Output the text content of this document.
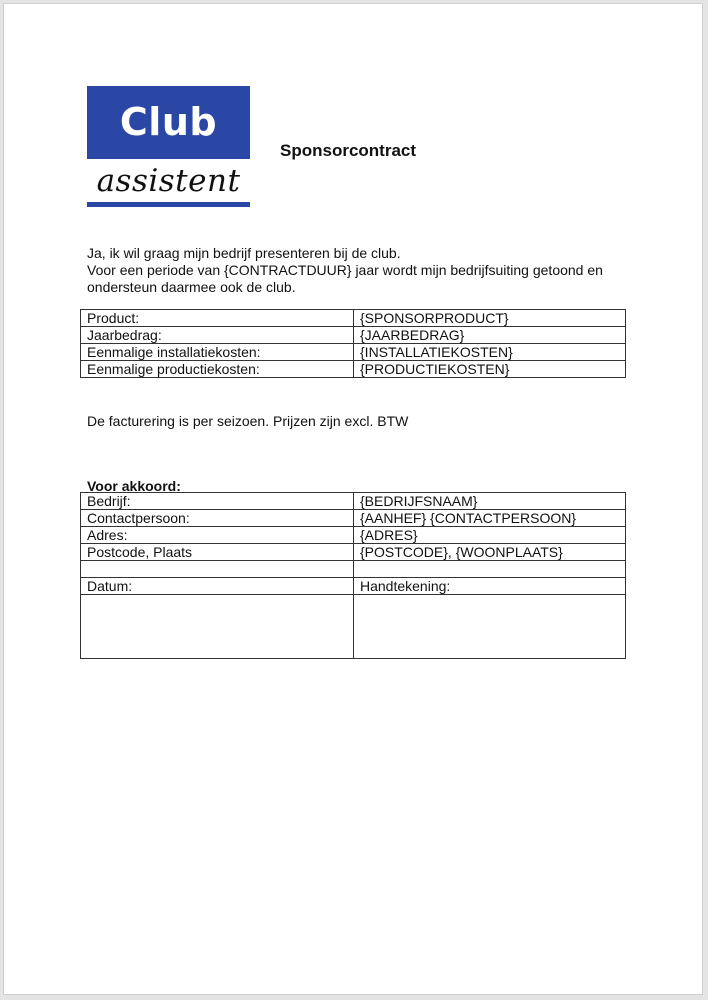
Club
assistent
Sponsorcontract

Ja, ik wil graag mijn bedrijf presenteren bij de club.

Voor een periode van {CONTRACTDUUR} jaar wordt mijn bedrijfsuiting getoond en ondersteun daarmee ook de club.

Product:	{SPONSORPRODUCT}
Jaarbedrag:	{JAARBEDRAG}
Eenmalige installatiekosten:	{INSTALLATIEKOSTEN}
Eenmalige productiekosten:	{PRODUCTIEKOSTEN}
De facturering is per seizoen. Prijzen zijn excl. BTW
Voor akkoord:
Bedrijf:	{BEDRIJFSNAAM}
Contactpersoon:	{AANHEF} {CONTACTPERSOON}
Adres:	{ADRES}
Postcode, Plaats	{POSTCODE}, {WOONPLAATS}

Datum:	Handtekening:
